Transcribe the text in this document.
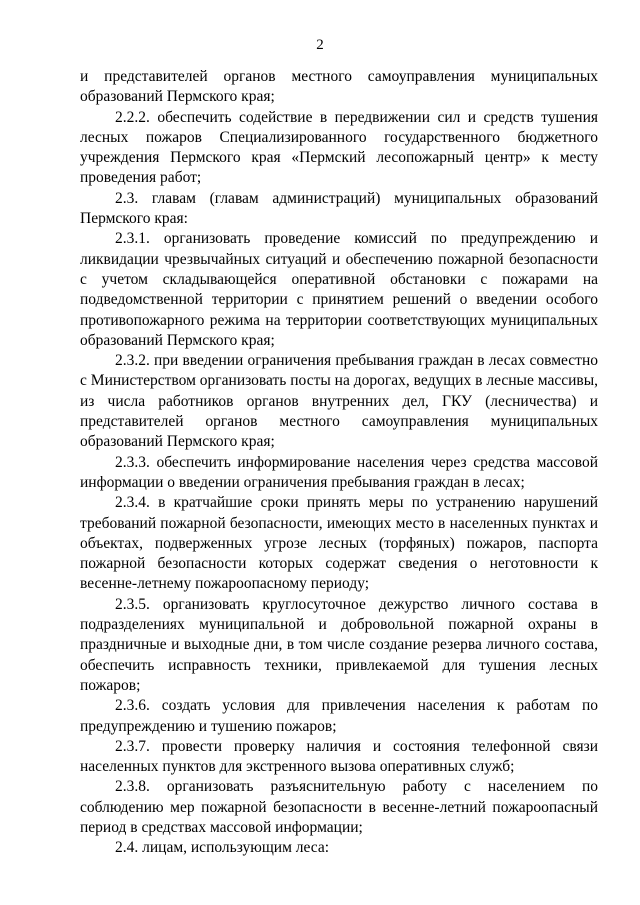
2

и представителей органов местного самоуправления муниципальных образований Пермского края;

2.2.2. обеспечить содействие в передвижении сил и средств тушения лесных пожаров Специализированного государственного бюджетного учреждения Пермского края «Пермский лесопожарный центр» к месту проведения работ;

2.3. главам (главам администраций) муниципальных образований Пермского края:

2.3.1. организовать проведение комиссий по предупреждению и ликвидации чрезвычайных ситуаций и обеспечению пожарной безопасности с учетом складывающейся оперативной обстановки с пожарами на подведомственной территории с принятием решений о введении особого противопожарного режима на территории соответствующих муниципальных образований Пермского края;

2.3.2. при введении ограничения пребывания граждан в лесах совместно с Министерством организовать посты на дорогах, ведущих в лесные массивы, из числа работников органов внутренних дел, ГКУ (лесничества) и представителей органов местного самоуправления муниципальных образований Пермского края;

2.3.3. обеспечить информирование населения через средства массовой информации о введении ограничения пребывания граждан в лесах;

2.3.4. в кратчайшие сроки принять меры по устранению нарушений требований пожарной безопасности, имеющих место в населенных пунктах и объектах, подверженных угрозе лесных (торфяных) пожаров, паспорта пожарной безопасности которых содержат сведения о неготовности к весенне-летнему пожароопасному периоду;

2.3.5. организовать круглосуточное дежурство личного состава в подразделениях муниципальной и добровольной пожарной охраны в праздничные и выходные дни, в том числе создание резерва личного состава, обеспечить исправность техники, привлекаемой для тушения лесных пожаров;

2.3.6. создать условия для привлечения населения к работам по предупреждению и тушению пожаров;

2.3.7. провести проверку наличия и состояния телефонной связи населенных пунктов для экстренного вызова оперативных служб;

2.3.8. организовать разъяснительную работу с населением по соблюдению мер пожарной безопасности в весенне-летний пожароопасный период в средствах массовой информации;

2.4. лицам, использующим леса:
